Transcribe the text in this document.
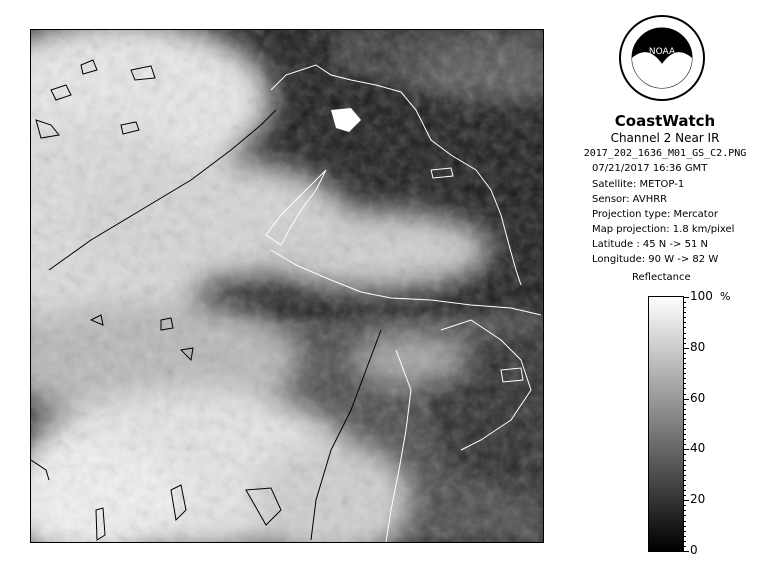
NOAA
CoastWatch
Channel 2 Near IR
2017_202_1636_M01_GS_C2.PNG
07/21/2017 16:36 GMT
Satellite: METOP-1
Sensor: AVHRR
Projection type: Mercator
Map projection: 1.8 km/pixel
Latitude : 45 N -> 51 N
Longitude: 90 W -> 82 W
Reflectance
%
100
80
60
40
20
0
